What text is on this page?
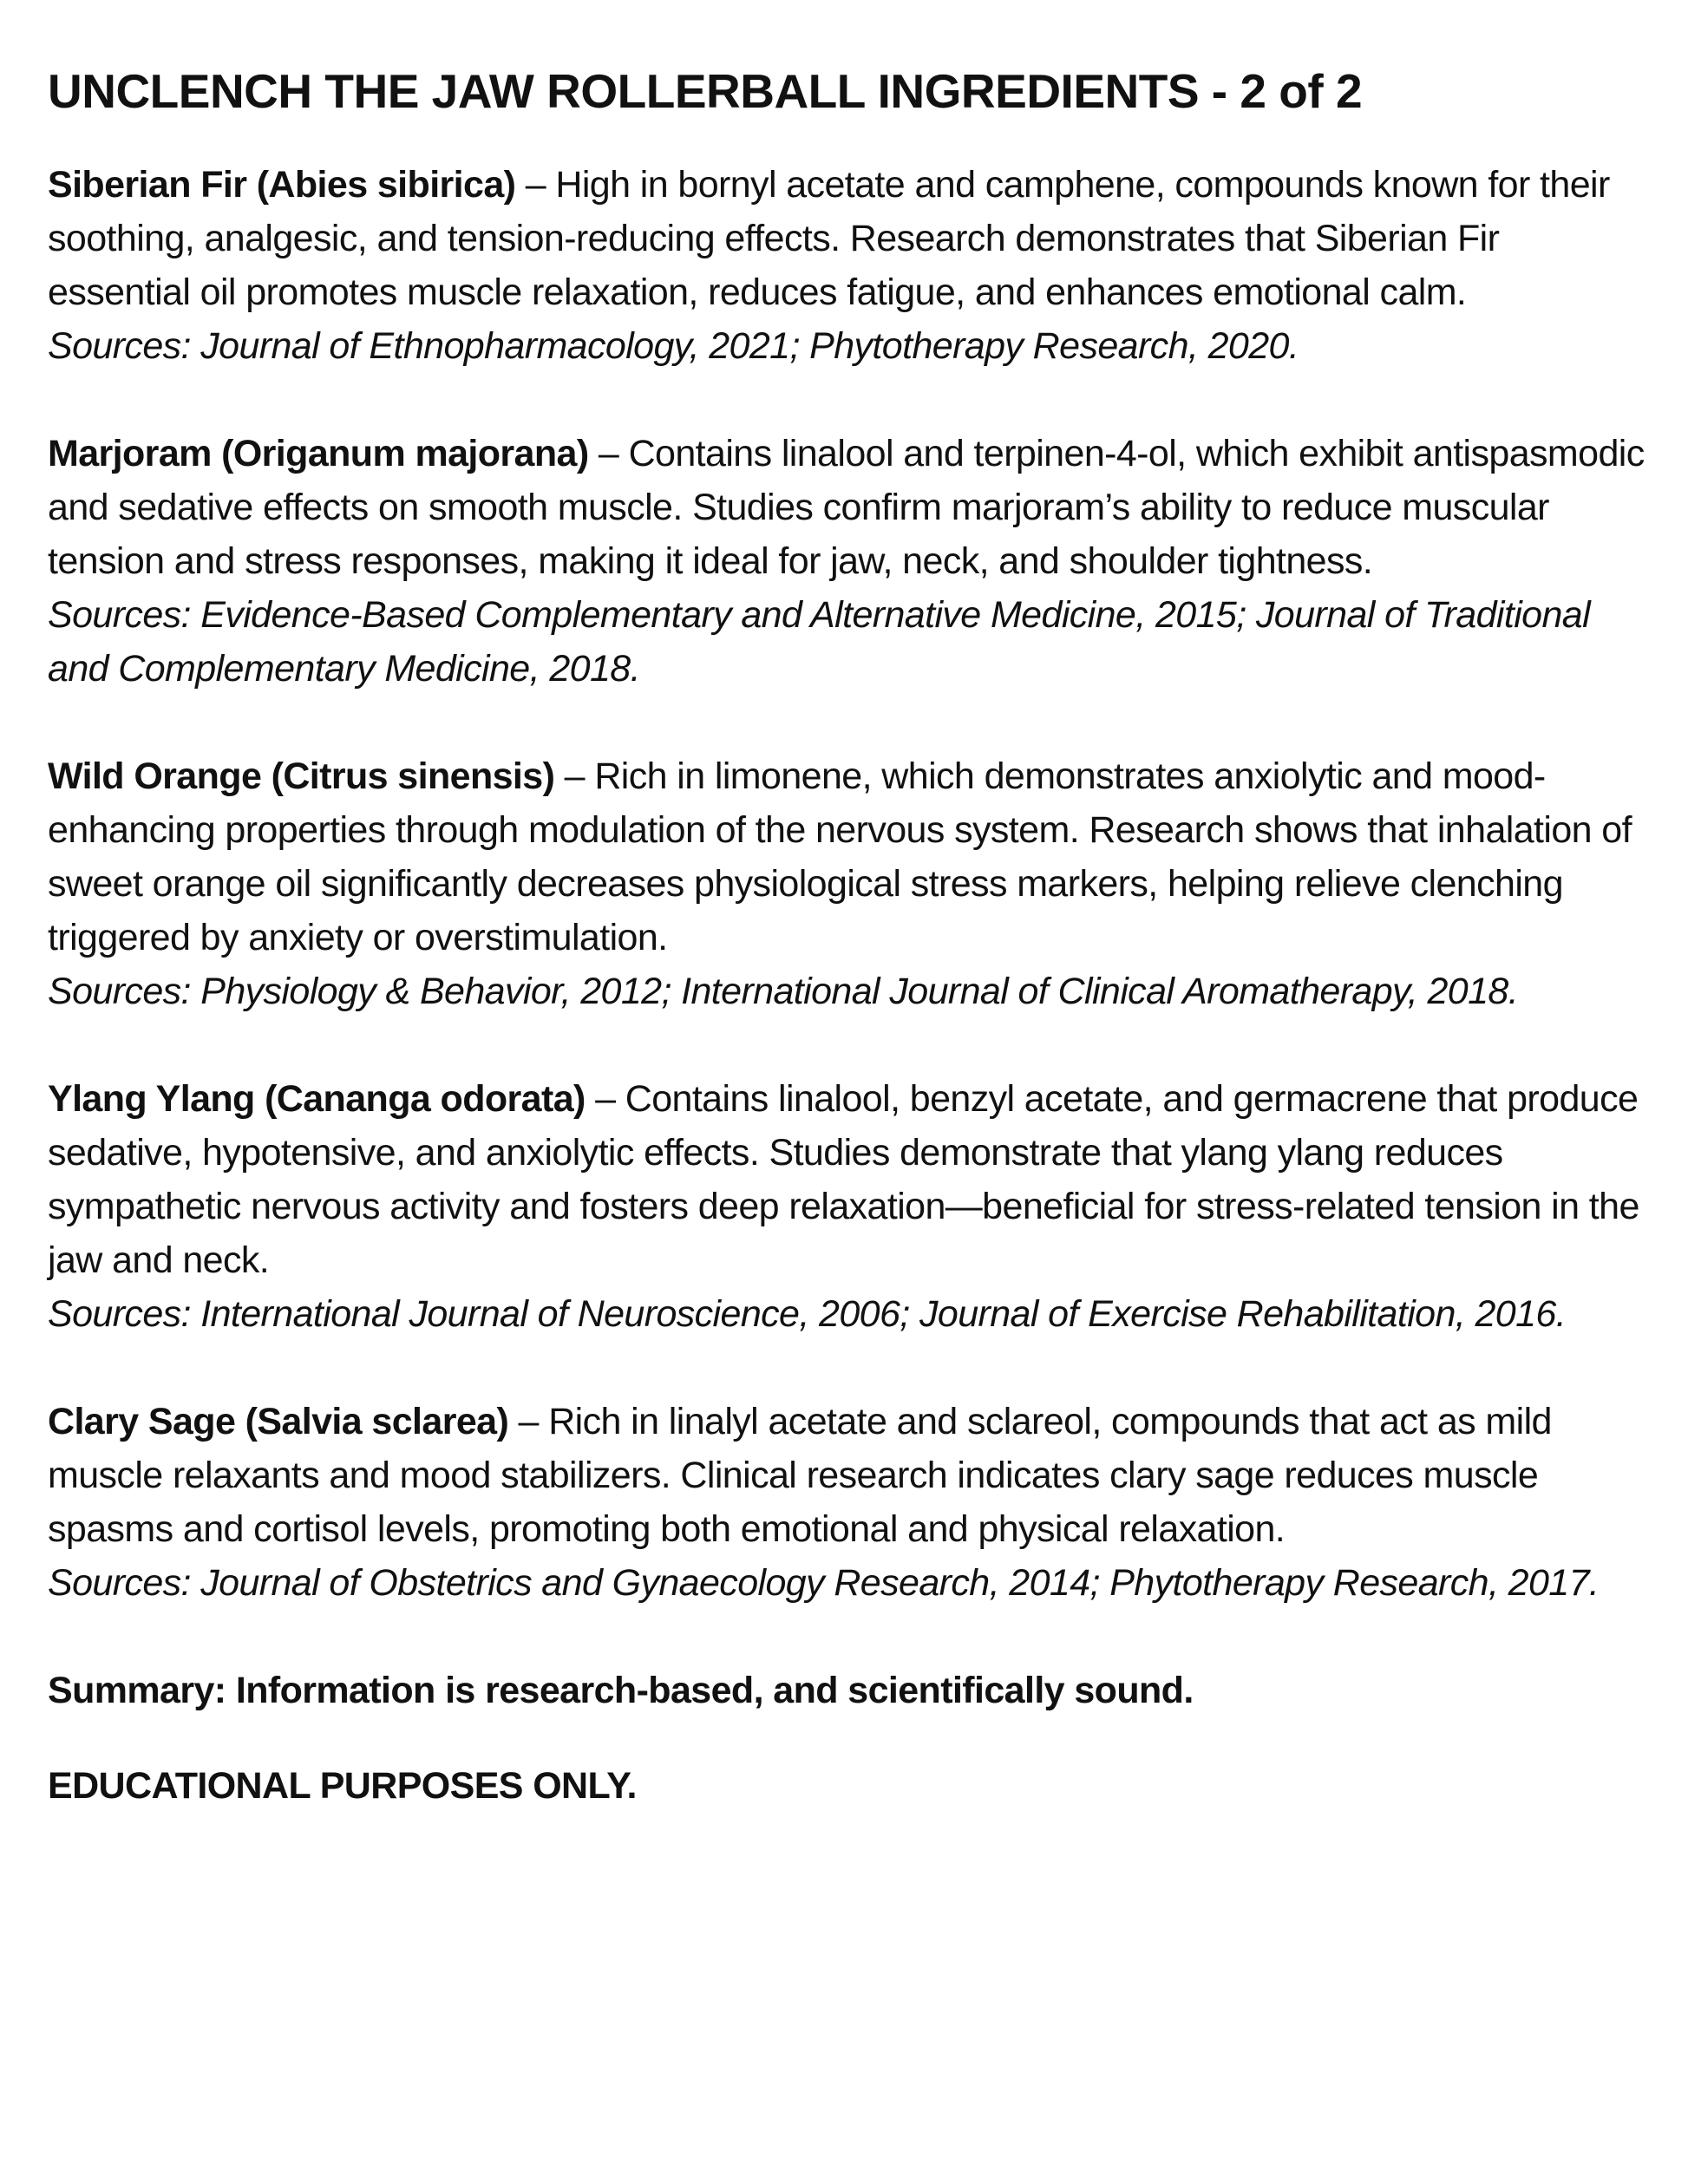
UNCLENCH THE JAW ROLLERBALL INGREDIENTS - 2 of 2

Siberian Fir (Abies sibirica) – High in bornyl acetate and camphene, compounds known for their soothing, analgesic, and tension-reducing effects. Research demonstrates that Siberian Fir essential oil promotes muscle relaxation, reduces fatigue, and enhances emotional calm.

Sources: Journal of Ethnopharmacology, 2021; Phytotherapy Research, 2020.

Marjoram (Origanum majorana) – Contains linalool and terpinen-4-ol, which exhibit antispasmodic and sedative effects on smooth muscle. Studies confirm marjoram’s ability to reduce muscular tension and stress responses, making it ideal for jaw, neck, and shoulder tightness.

Sources: Evidence-Based Complementary and Alternative Medicine, 2015; Journal of Traditional and Complementary Medicine, 2018.

Wild Orange (Citrus sinensis) – Rich in limonene, which demonstrates anxiolytic and mood-enhancing properties through modulation of the nervous system. Research shows that inhalation of sweet orange oil significantly decreases physiological stress markers, helping relieve clenching triggered by anxiety or overstimulation.

Sources: Physiology & Behavior, 2012; International Journal of Clinical Aromatherapy, 2018.

Ylang Ylang (Cananga odorata) – Contains linalool, benzyl acetate, and germacrene that produce sedative, hypotensive, and anxiolytic effects. Studies demonstrate that ylang ylang reduces sympathetic nervous activity and fosters deep relaxation—beneficial for stress-related tension in the jaw and neck.

Sources: International Journal of Neuroscience, 2006; Journal of Exercise Rehabilitation, 2016.

Clary Sage (Salvia sclarea) – Rich in linalyl acetate and sclareol, compounds that act as mild muscle relaxants and mood stabilizers. Clinical research indicates clary sage reduces muscle spasms and cortisol levels, promoting both emotional and physical relaxation.

Sources: Journal of Obstetrics and Gynaecology Research, 2014; Phytotherapy Research, 2017.

Summary: Information is research-based, and scientifically sound.

EDUCATIONAL PURPOSES ONLY.
